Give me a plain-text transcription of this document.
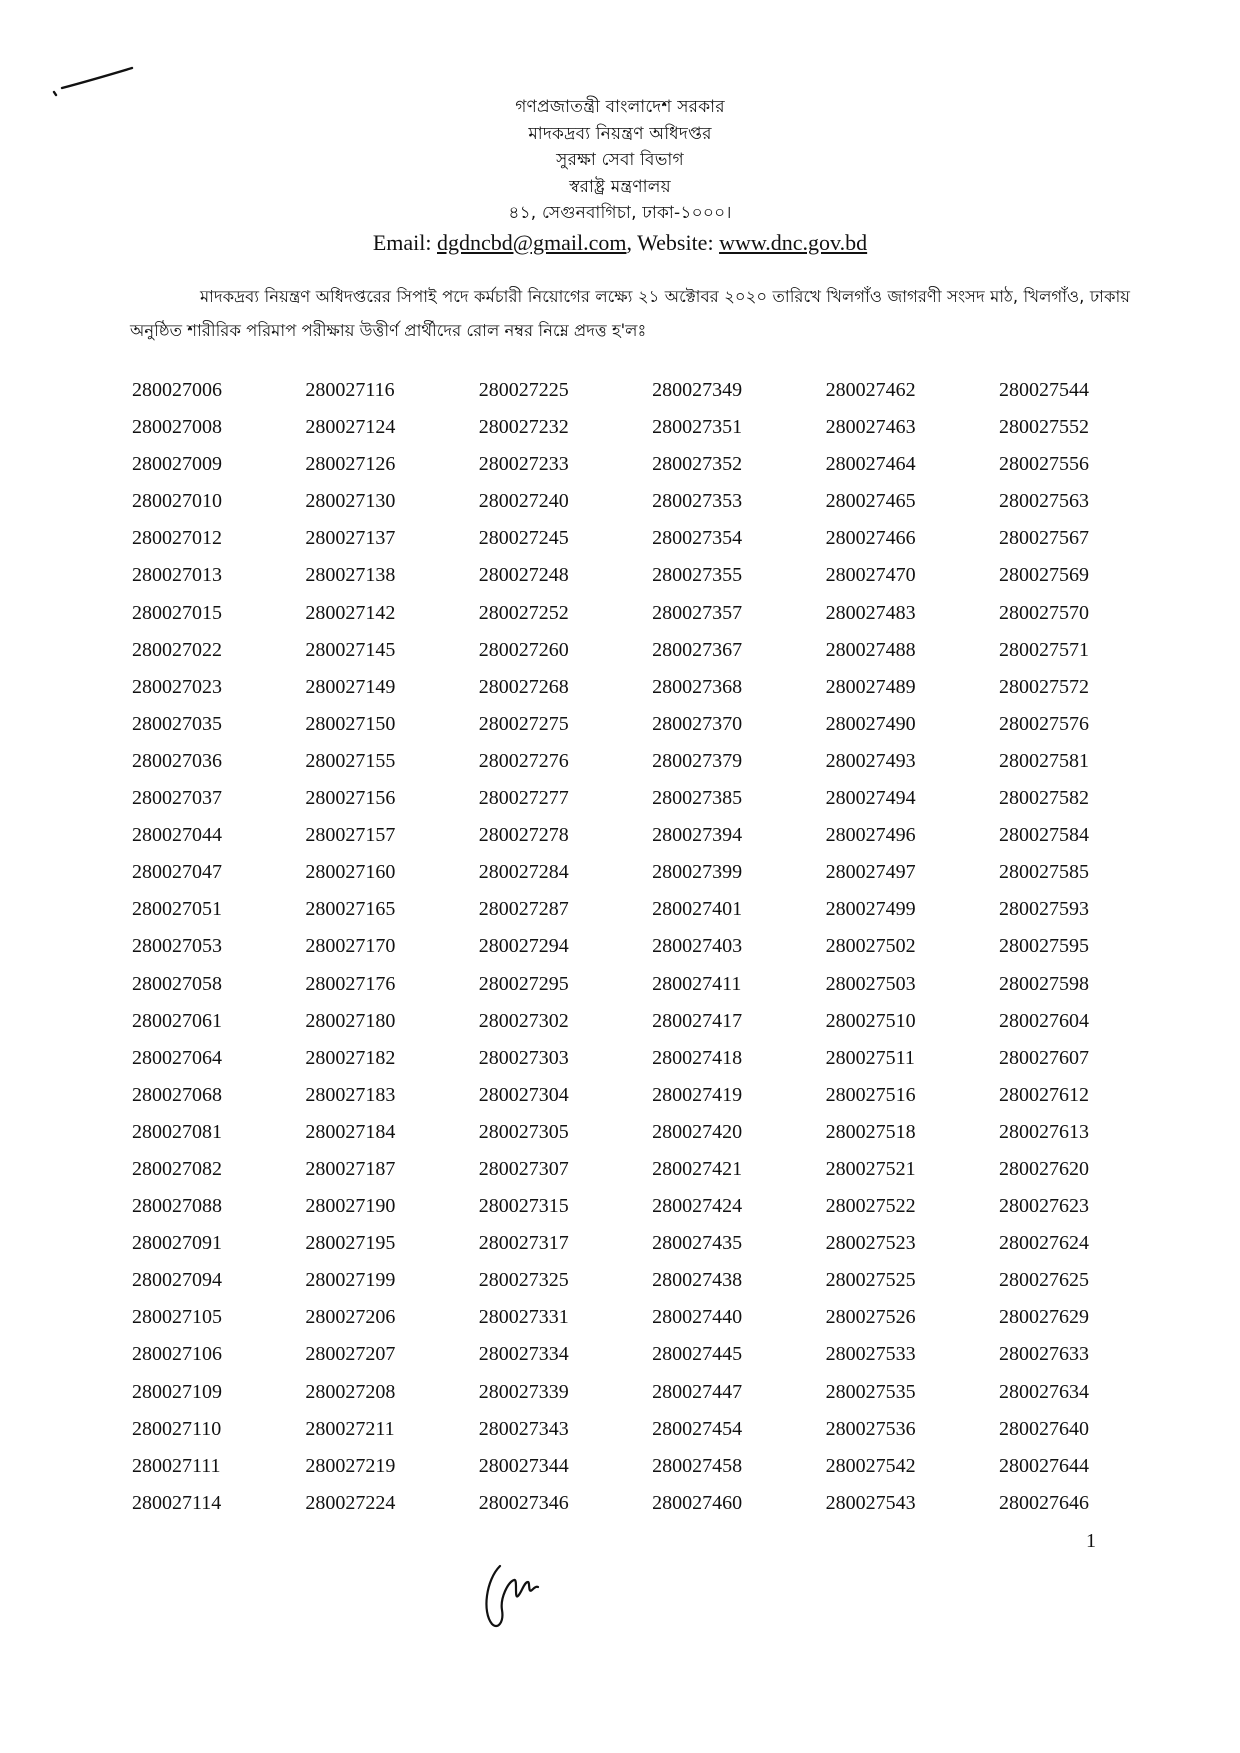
গণপ্রজাতন্ত্রী বাংলাদেশ সরকার
মাদকদ্রব্য নিয়ন্ত্রণ অধিদপ্তর
সুরক্ষা সেবা বিভাগ
স্বরাষ্ট্র মন্ত্রণালয়
৪১, সেগুনবাগিচা, ঢাকা-১০০০।
Email: dgdncbd@gmail.com, Website: www.dnc.gov.bd
মাদকদ্রব্য নিয়ন্ত্রণ অধিদপ্তরের সিপাই পদে কর্মচারী নিয়োগের লক্ষ্যে ২১ অক্টোবর ২০২০ তারিখে খিলগাঁও জাগরণী সংসদ মাঠ, খিলগাঁও, ঢাকায় অনুষ্ঠিত শারীরিক পরিমাপ পরীক্ষায় উত্তীর্ণ প্রার্থীদের রোল নম্বর নিম্নে প্রদত্ত হ'লঃ
280027006	280027116	280027225	280027349	280027462	280027544
280027008	280027124	280027232	280027351	280027463	280027552
280027009	280027126	280027233	280027352	280027464	280027556
280027010	280027130	280027240	280027353	280027465	280027563
280027012	280027137	280027245	280027354	280027466	280027567
280027013	280027138	280027248	280027355	280027470	280027569
280027015	280027142	280027252	280027357	280027483	280027570
280027022	280027145	280027260	280027367	280027488	280027571
280027023	280027149	280027268	280027368	280027489	280027572
280027035	280027150	280027275	280027370	280027490	280027576
280027036	280027155	280027276	280027379	280027493	280027581
280027037	280027156	280027277	280027385	280027494	280027582
280027044	280027157	280027278	280027394	280027496	280027584
280027047	280027160	280027284	280027399	280027497	280027585
280027051	280027165	280027287	280027401	280027499	280027593
280027053	280027170	280027294	280027403	280027502	280027595
280027058	280027176	280027295	280027411	280027503	280027598
280027061	280027180	280027302	280027417	280027510	280027604
280027064	280027182	280027303	280027418	280027511	280027607
280027068	280027183	280027304	280027419	280027516	280027612
280027081	280027184	280027305	280027420	280027518	280027613
280027082	280027187	280027307	280027421	280027521	280027620
280027088	280027190	280027315	280027424	280027522	280027623
280027091	280027195	280027317	280027435	280027523	280027624
280027094	280027199	280027325	280027438	280027525	280027625
280027105	280027206	280027331	280027440	280027526	280027629
280027106	280027207	280027334	280027445	280027533	280027633
280027109	280027208	280027339	280027447	280027535	280027634
280027110	280027211	280027343	280027454	280027536	280027640
280027111	280027219	280027344	280027458	280027542	280027644
280027114	280027224	280027346	280027460	280027543	280027646
1
